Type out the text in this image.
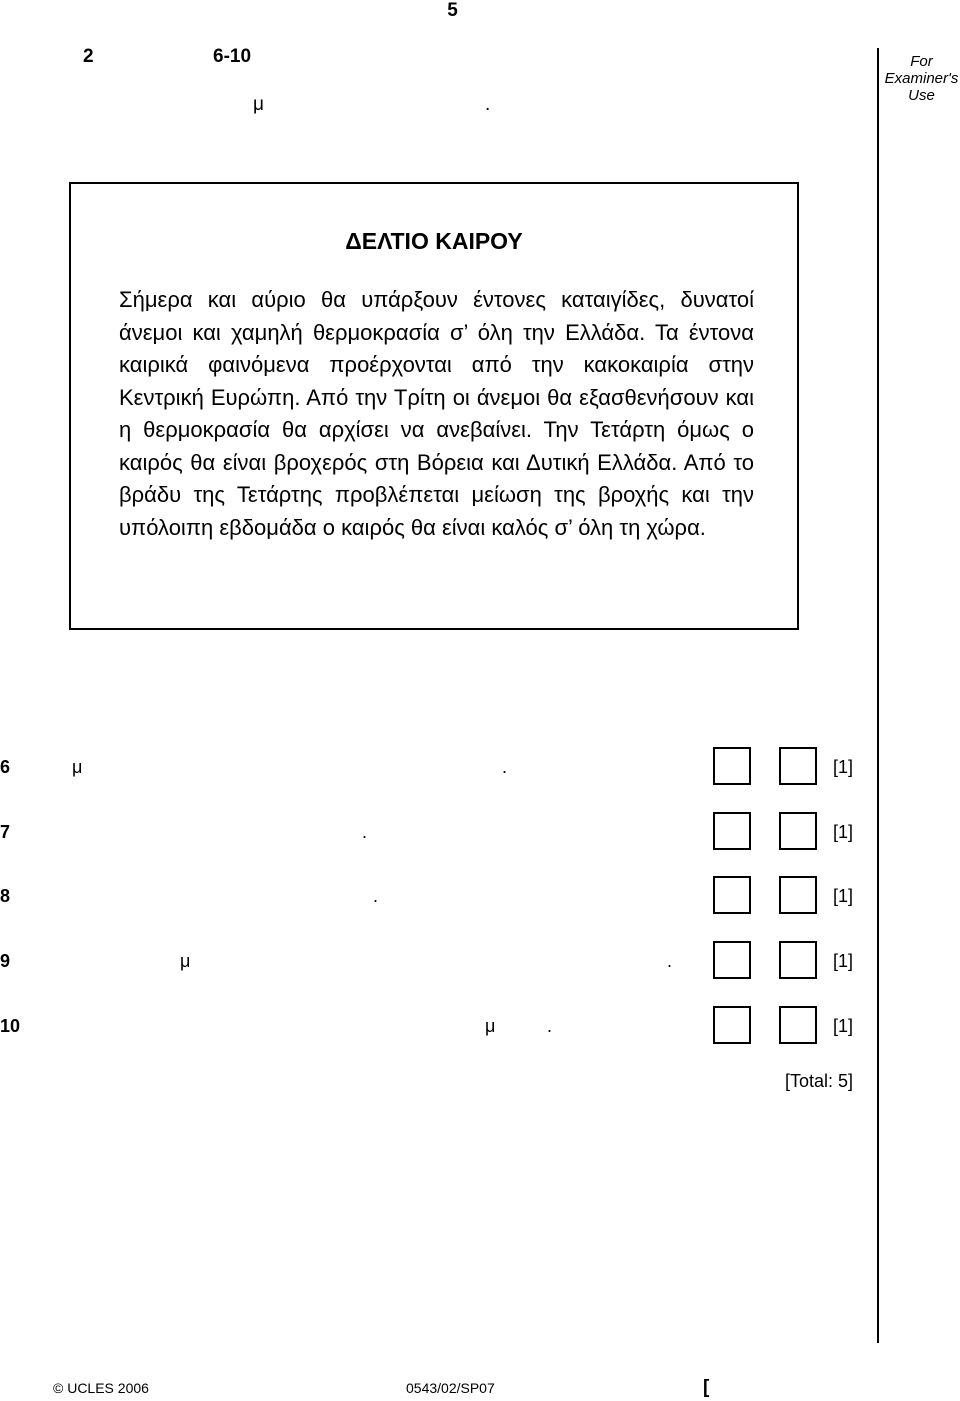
5
2	6-10
μ	.
For
Examiner's
Use
ΔΕΛΤΙΟ ΚΑΙΡΟΥ
Σήμερα και αύριο θα υπάρξουν έντονες καταιγίδες, δυνατοί άνεμοι και χαμηλή θερμοκρασία σ’ όλη την Ελλάδα. Τα έντονα καιρικά φαινόμενα προέρχονται από την κακοκαιρία στην Κεντρική Ευρώπη. Από την Τρίτη οι άνεμοι θα εξασθενήσουν και η θερμοκρασία θα αρχίσει να ανεβαίνει. Την Τετάρτη όμως ο καιρός θα είναι βροχερός στη Βόρεια και Δυτική Ελλάδα. Από το βράδυ της Τετάρτης προβλέπεται μείωση της βροχής και την υπόλοιπη εβδομάδα ο καιρός θα είναι καλός σ’ όλη τη χώρα.
6	μ	.	[1]
7	.	[1]
8	.	[1]
9	μ	.	[1]
10	μ	.	[1]
[Total: 5]
© UCLES 2006	0543/02/SP07	[
